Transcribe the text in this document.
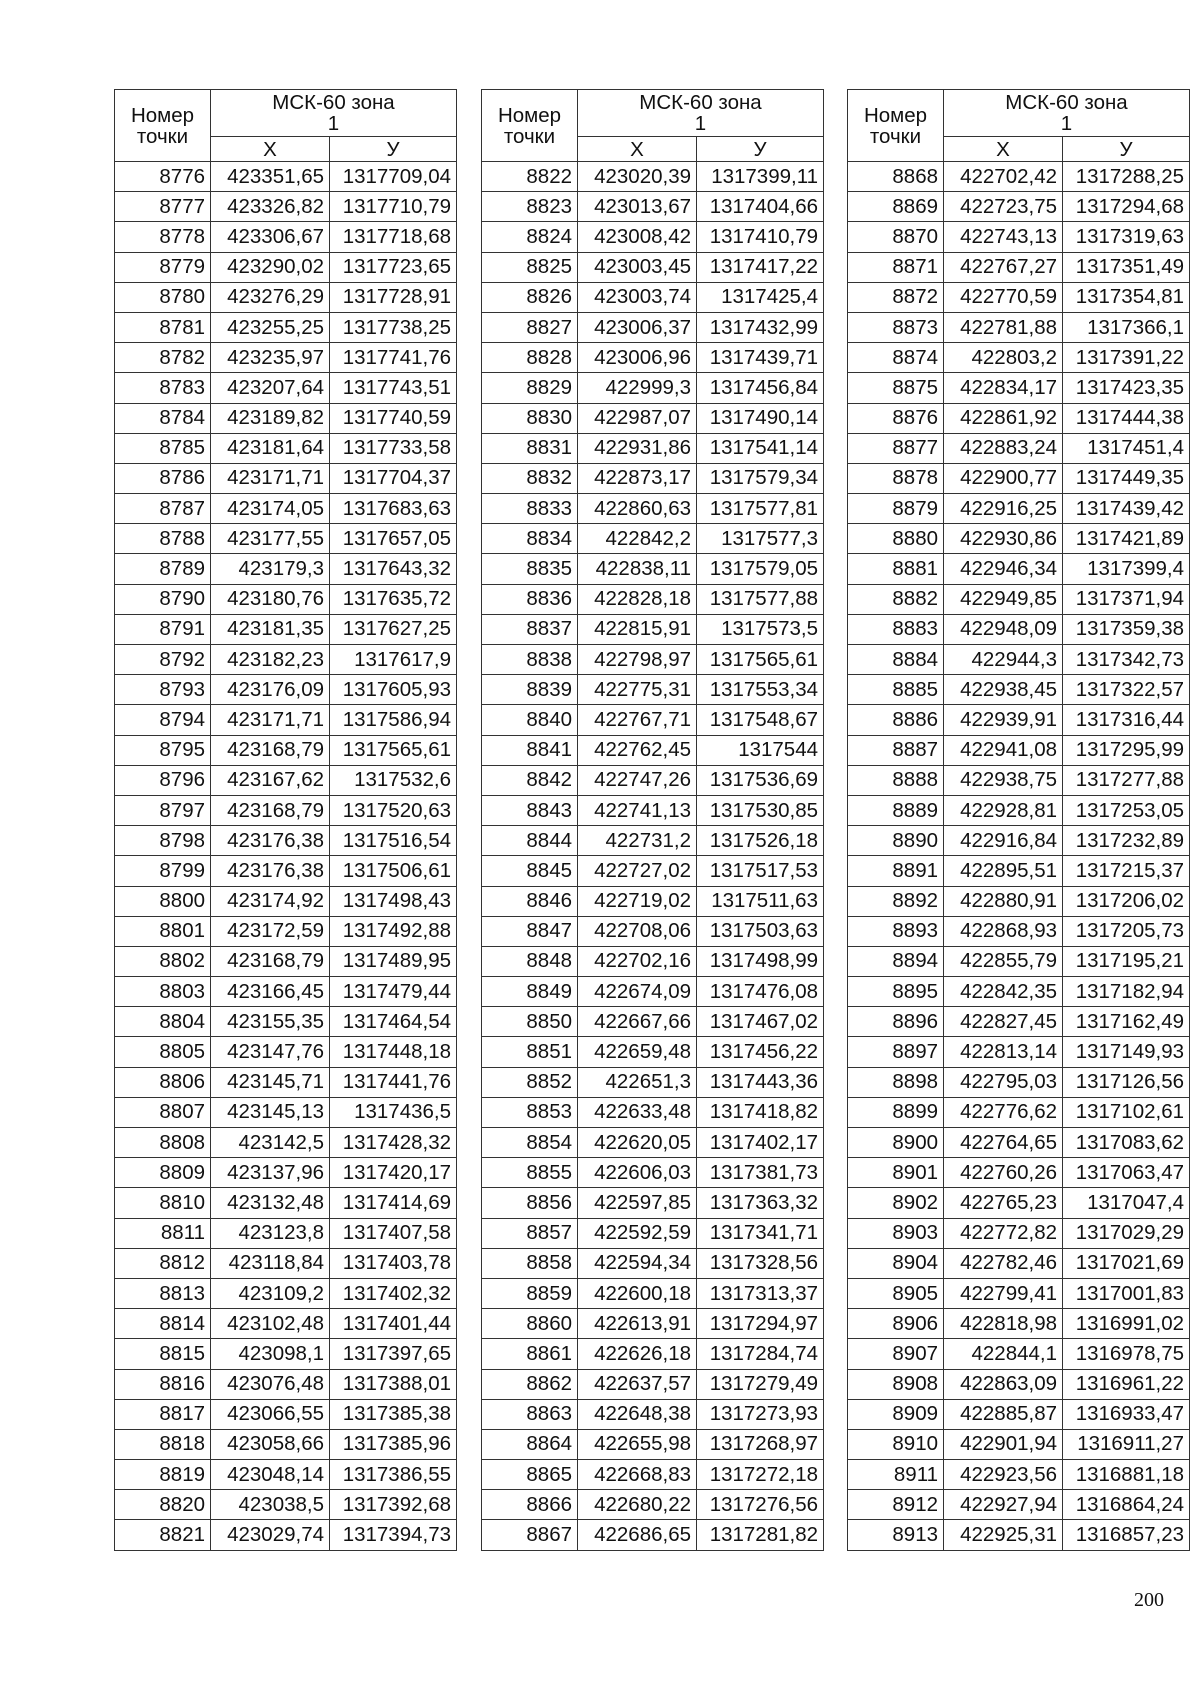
Номер
точки	МСК-60 зона
1	
	X	У
8776	423351,65	1317709,04
8777	423326,82	1317710,79
8778	423306,67	1317718,68
8779	423290,02	1317723,65
8780	423276,29	1317728,91
8781	423255,25	1317738,25
8782	423235,97	1317741,76
8783	423207,64	1317743,51
8784	423189,82	1317740,59
8785	423181,64	1317733,58
8786	423171,71	1317704,37
8787	423174,05	1317683,63
8788	423177,55	1317657,05
8789	423179,3	1317643,32
8790	423180,76	1317635,72
8791	423181,35	1317627,25
8792	423182,23	1317617,9
8793	423176,09	1317605,93
8794	423171,71	1317586,94
8795	423168,79	1317565,61
8796	423167,62	1317532,6
8797	423168,79	1317520,63
8798	423176,38	1317516,54
8799	423176,38	1317506,61
8800	423174,92	1317498,43
8801	423172,59	1317492,88
8802	423168,79	1317489,95
8803	423166,45	1317479,44
8804	423155,35	1317464,54
8805	423147,76	1317448,18
8806	423145,71	1317441,76
8807	423145,13	1317436,5
8808	423142,5	1317428,32
8809	423137,96	1317420,17
8810	423132,48	1317414,69
8811	423123,8	1317407,58
8812	423118,84	1317403,78
8813	423109,2	1317402,32
8814	423102,48	1317401,44
8815	423098,1	1317397,65
8816	423076,48	1317388,01
8817	423066,55	1317385,38
8818	423058,66	1317385,96
8819	423048,14	1317386,55
8820	423038,5	1317392,68
8821	423029,74	1317394,73
Номер
точки	МСК-60 зона
1	
	X	У
8822	423020,39	1317399,11
8823	423013,67	1317404,66
8824	423008,42	1317410,79
8825	423003,45	1317417,22
8826	423003,74	1317425,4
8827	423006,37	1317432,99
8828	423006,96	1317439,71
8829	422999,3	1317456,84
8830	422987,07	1317490,14
8831	422931,86	1317541,14
8832	422873,17	1317579,34
8833	422860,63	1317577,81
8834	422842,2	1317577,3
8835	422838,11	1317579,05
8836	422828,18	1317577,88
8837	422815,91	1317573,5
8838	422798,97	1317565,61
8839	422775,31	1317553,34
8840	422767,71	1317548,67
8841	422762,45	1317544
8842	422747,26	1317536,69
8843	422741,13	1317530,85
8844	422731,2	1317526,18
8845	422727,02	1317517,53
8846	422719,02	1317511,63
8847	422708,06	1317503,63
8848	422702,16	1317498,99
8849	422674,09	1317476,08
8850	422667,66	1317467,02
8851	422659,48	1317456,22
8852	422651,3	1317443,36
8853	422633,48	1317418,82
8854	422620,05	1317402,17
8855	422606,03	1317381,73
8856	422597,85	1317363,32
8857	422592,59	1317341,71
8858	422594,34	1317328,56
8859	422600,18	1317313,37
8860	422613,91	1317294,97
8861	422626,18	1317284,74
8862	422637,57	1317279,49
8863	422648,38	1317273,93
8864	422655,98	1317268,97
8865	422668,83	1317272,18
8866	422680,22	1317276,56
8867	422686,65	1317281,82
Номер
точки	МСК-60 зона
1	
	X	У
8868	422702,42	1317288,25
8869	422723,75	1317294,68
8870	422743,13	1317319,63
8871	422767,27	1317351,49
8872	422770,59	1317354,81
8873	422781,88	1317366,1
8874	422803,2	1317391,22
8875	422834,17	1317423,35
8876	422861,92	1317444,38
8877	422883,24	1317451,4
8878	422900,77	1317449,35
8879	422916,25	1317439,42
8880	422930,86	1317421,89
8881	422946,34	1317399,4
8882	422949,85	1317371,94
8883	422948,09	1317359,38
8884	422944,3	1317342,73
8885	422938,45	1317322,57
8886	422939,91	1317316,44
8887	422941,08	1317295,99
8888	422938,75	1317277,88
8889	422928,81	1317253,05
8890	422916,84	1317232,89
8891	422895,51	1317215,37
8892	422880,91	1317206,02
8893	422868,93	1317205,73
8894	422855,79	1317195,21
8895	422842,35	1317182,94
8896	422827,45	1317162,49
8897	422813,14	1317149,93
8898	422795,03	1317126,56
8899	422776,62	1317102,61
8900	422764,65	1317083,62
8901	422760,26	1317063,47
8902	422765,23	1317047,4
8903	422772,82	1317029,29
8904	422782,46	1317021,69
8905	422799,41	1317001,83
8906	422818,98	1316991,02
8907	422844,1	1316978,75
8908	422863,09	1316961,22
8909	422885,87	1316933,47
8910	422901,94	1316911,27
8911	422923,56	1316881,18
8912	422927,94	1316864,24
8913	422925,31	1316857,23
200
